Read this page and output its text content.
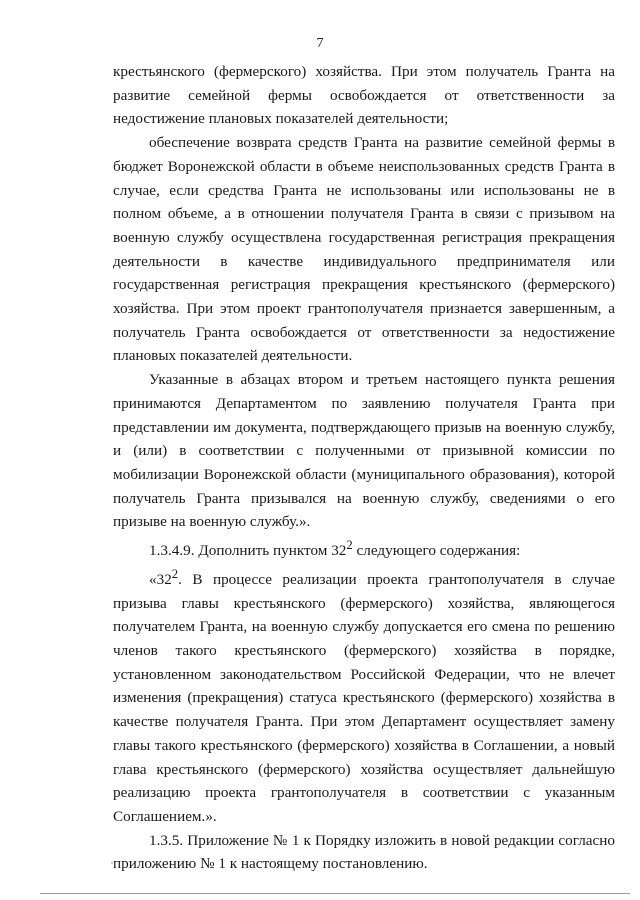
7

крестьянского (фермерского) хозяйства. При этом получатель Гранта на развитие семейной фермы освобождается от ответственности за недостижение плановых показателей деятельности;

обеспечение возврата средств Гранта на развитие семейной фермы в бюджет Воронежской области в объеме неиспользованных средств Гранта в случае, если средства Гранта не использованы или использованы не в полном объеме, а в отношении получателя Гранта в связи с призывом на военную службу осуществлена государственная регистрация прекращения деятельности в качестве индивидуального предпринимателя или государственная регистрация прекращения крестьянского (фермерского) хозяйства. При этом проект грантополучателя признается завершенным, а получатель Гранта освобождается от ответственности за недостижение плановых показателей деятельности.

Указанные в абзацах втором и третьем настоящего пункта решения принимаются Департаментом по заявлению получателя Гранта при представлении им документа, подтверждающего призыв на военную службу, и (или) в соответствии с полученными от призывной комиссии по мобилизации Воронежской области (муниципального образования), которой получатель Гранта призывался на военную службу, сведениями о его призыве на военную службу.».

1.3.4.9. Дополнить пунктом $32^2$ следующего содержания:

«$32^2$. В процессе реализации проекта грантополучателя в случае призыва главы крестьянского (фермерского) хозяйства, являющегося получателем Гранта, на военную службу допускается его смена по решению членов такого крестьянского (фермерского) хозяйства в порядке, установленном законодательством Российской Федерации, что не влечет изменения (прекращения) статуса крестьянского (фермерского) хозяйства в качестве получателя Гранта. При этом Департамент осуществляет замену главы такого крестьянского (фермерского) хозяйства в Соглашении, а новый глава крестьянского (фермерского) хозяйства осуществляет дальнейшую реализацию проекта грантополучателя в соответствии с указанным Соглашением.».

1.3.5. Приложение № 1 к Порядку изложить в новой редакции согласно приложению № 1 к настоящему постановлению.
